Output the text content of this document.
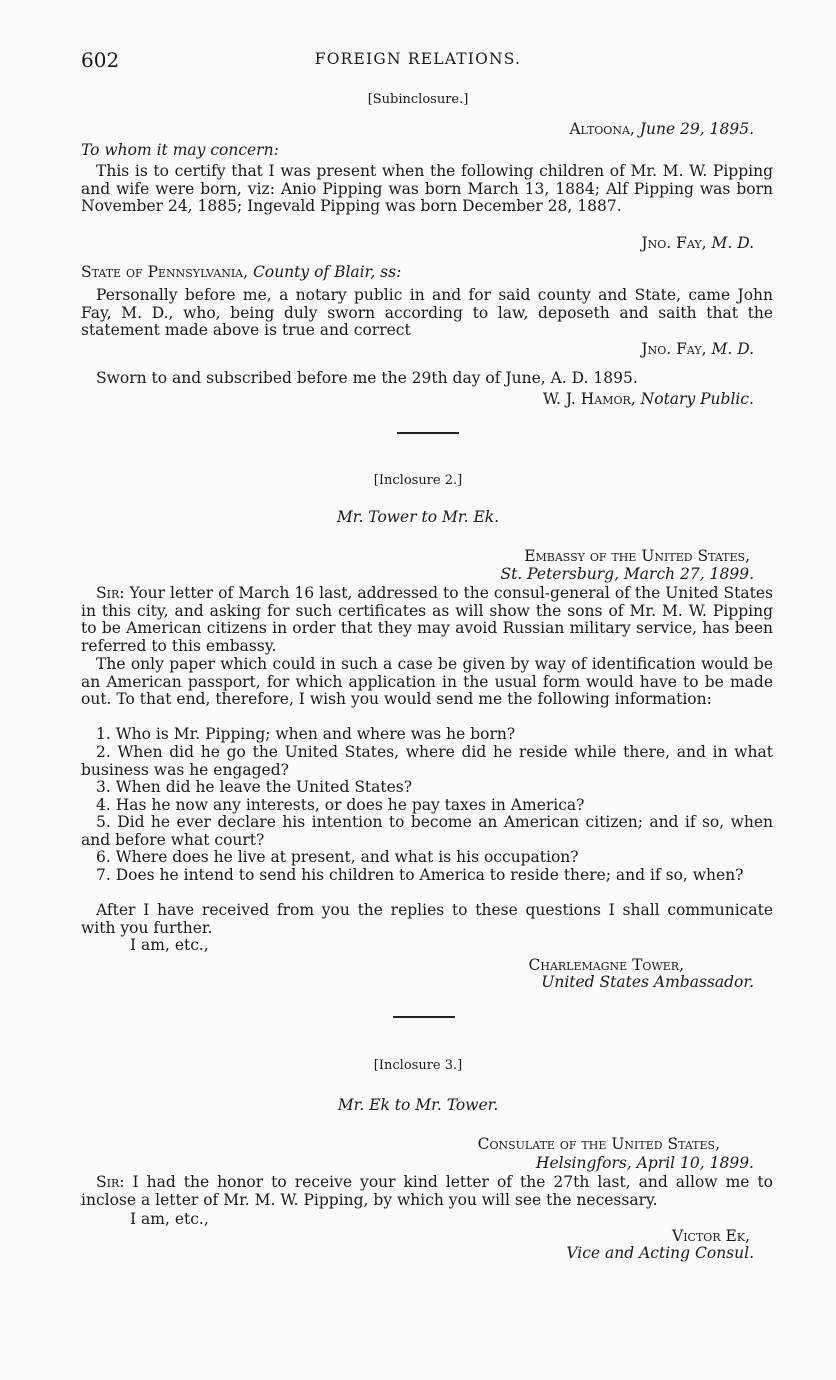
602	FOREIGN RELATIONS.
[Subinclosure.]
Altoona, June 29, 1895.
To whom it may concern:
This is to certify that I was present when the following children of Mr. M. W. Pipping and wife were born, viz: Anio Pipping was born March 13, 1884; Alf Pipping was born November 24, 1885; Ingevald Pipping was born December 28, 1887.
Jno. Fay, M. D.
State of Pennsylvania, County of Blair, ss:
Personally before me, a notary public in and for said county and State, came John Fay, M. D., who, being duly sworn according to law, deposeth and saith that the statement made above is true and correct
Jno. Fay, M. D.
Sworn to and subscribed before me the 29th day of June, A. D. 1895.
W. J. Hamor, Notary Public.
[Inclosure 2.]
Mr. Tower to Mr. Ek.
Embassy of the United States,
St. Petersburg, March 27, 1899.
Sir: Your letter of March 16 last, addressed to the consul-general of the United States in this city, and asking for such certificates as will show the sons of Mr. M. W. Pipping to be American citizens in order that they may avoid Russian military service, has been referred to this embassy.
The only paper which could in such a case be given by way of identification would be an American passport, for which application in the usual form would have to be made out. To that end, therefore, I wish you would send me the following information:
1. Who is Mr. Pipping; when and where was he born?
2. When did he go the United States, where did he reside while there, and in what business was he engaged?
3. When did he leave the United States?
4. Has he now any interests, or does he pay taxes in America?
5. Did he ever declare his intention to become an American citizen; and if so, when and before what court?
6. Where does he live at present, and what is his occupation?
7. Does he intend to send his children to America to reside there; and if so, when?
After I have received from you the replies to these questions I shall communicate with you further.
I am, etc.,
Charlemagne Tower,
United States Ambassador.
[Inclosure 3.]
Mr. Ek to Mr. Tower.
Consulate of the United States,
Helsingfors, April 10, 1899.
Sir: I had the honor to receive your kind letter of the 27th last, and allow me to inclose a letter of Mr. M. W. Pipping, by which you will see the necessary.
I am, etc.,
Victor Ek,
Vice and Acting Consul.
